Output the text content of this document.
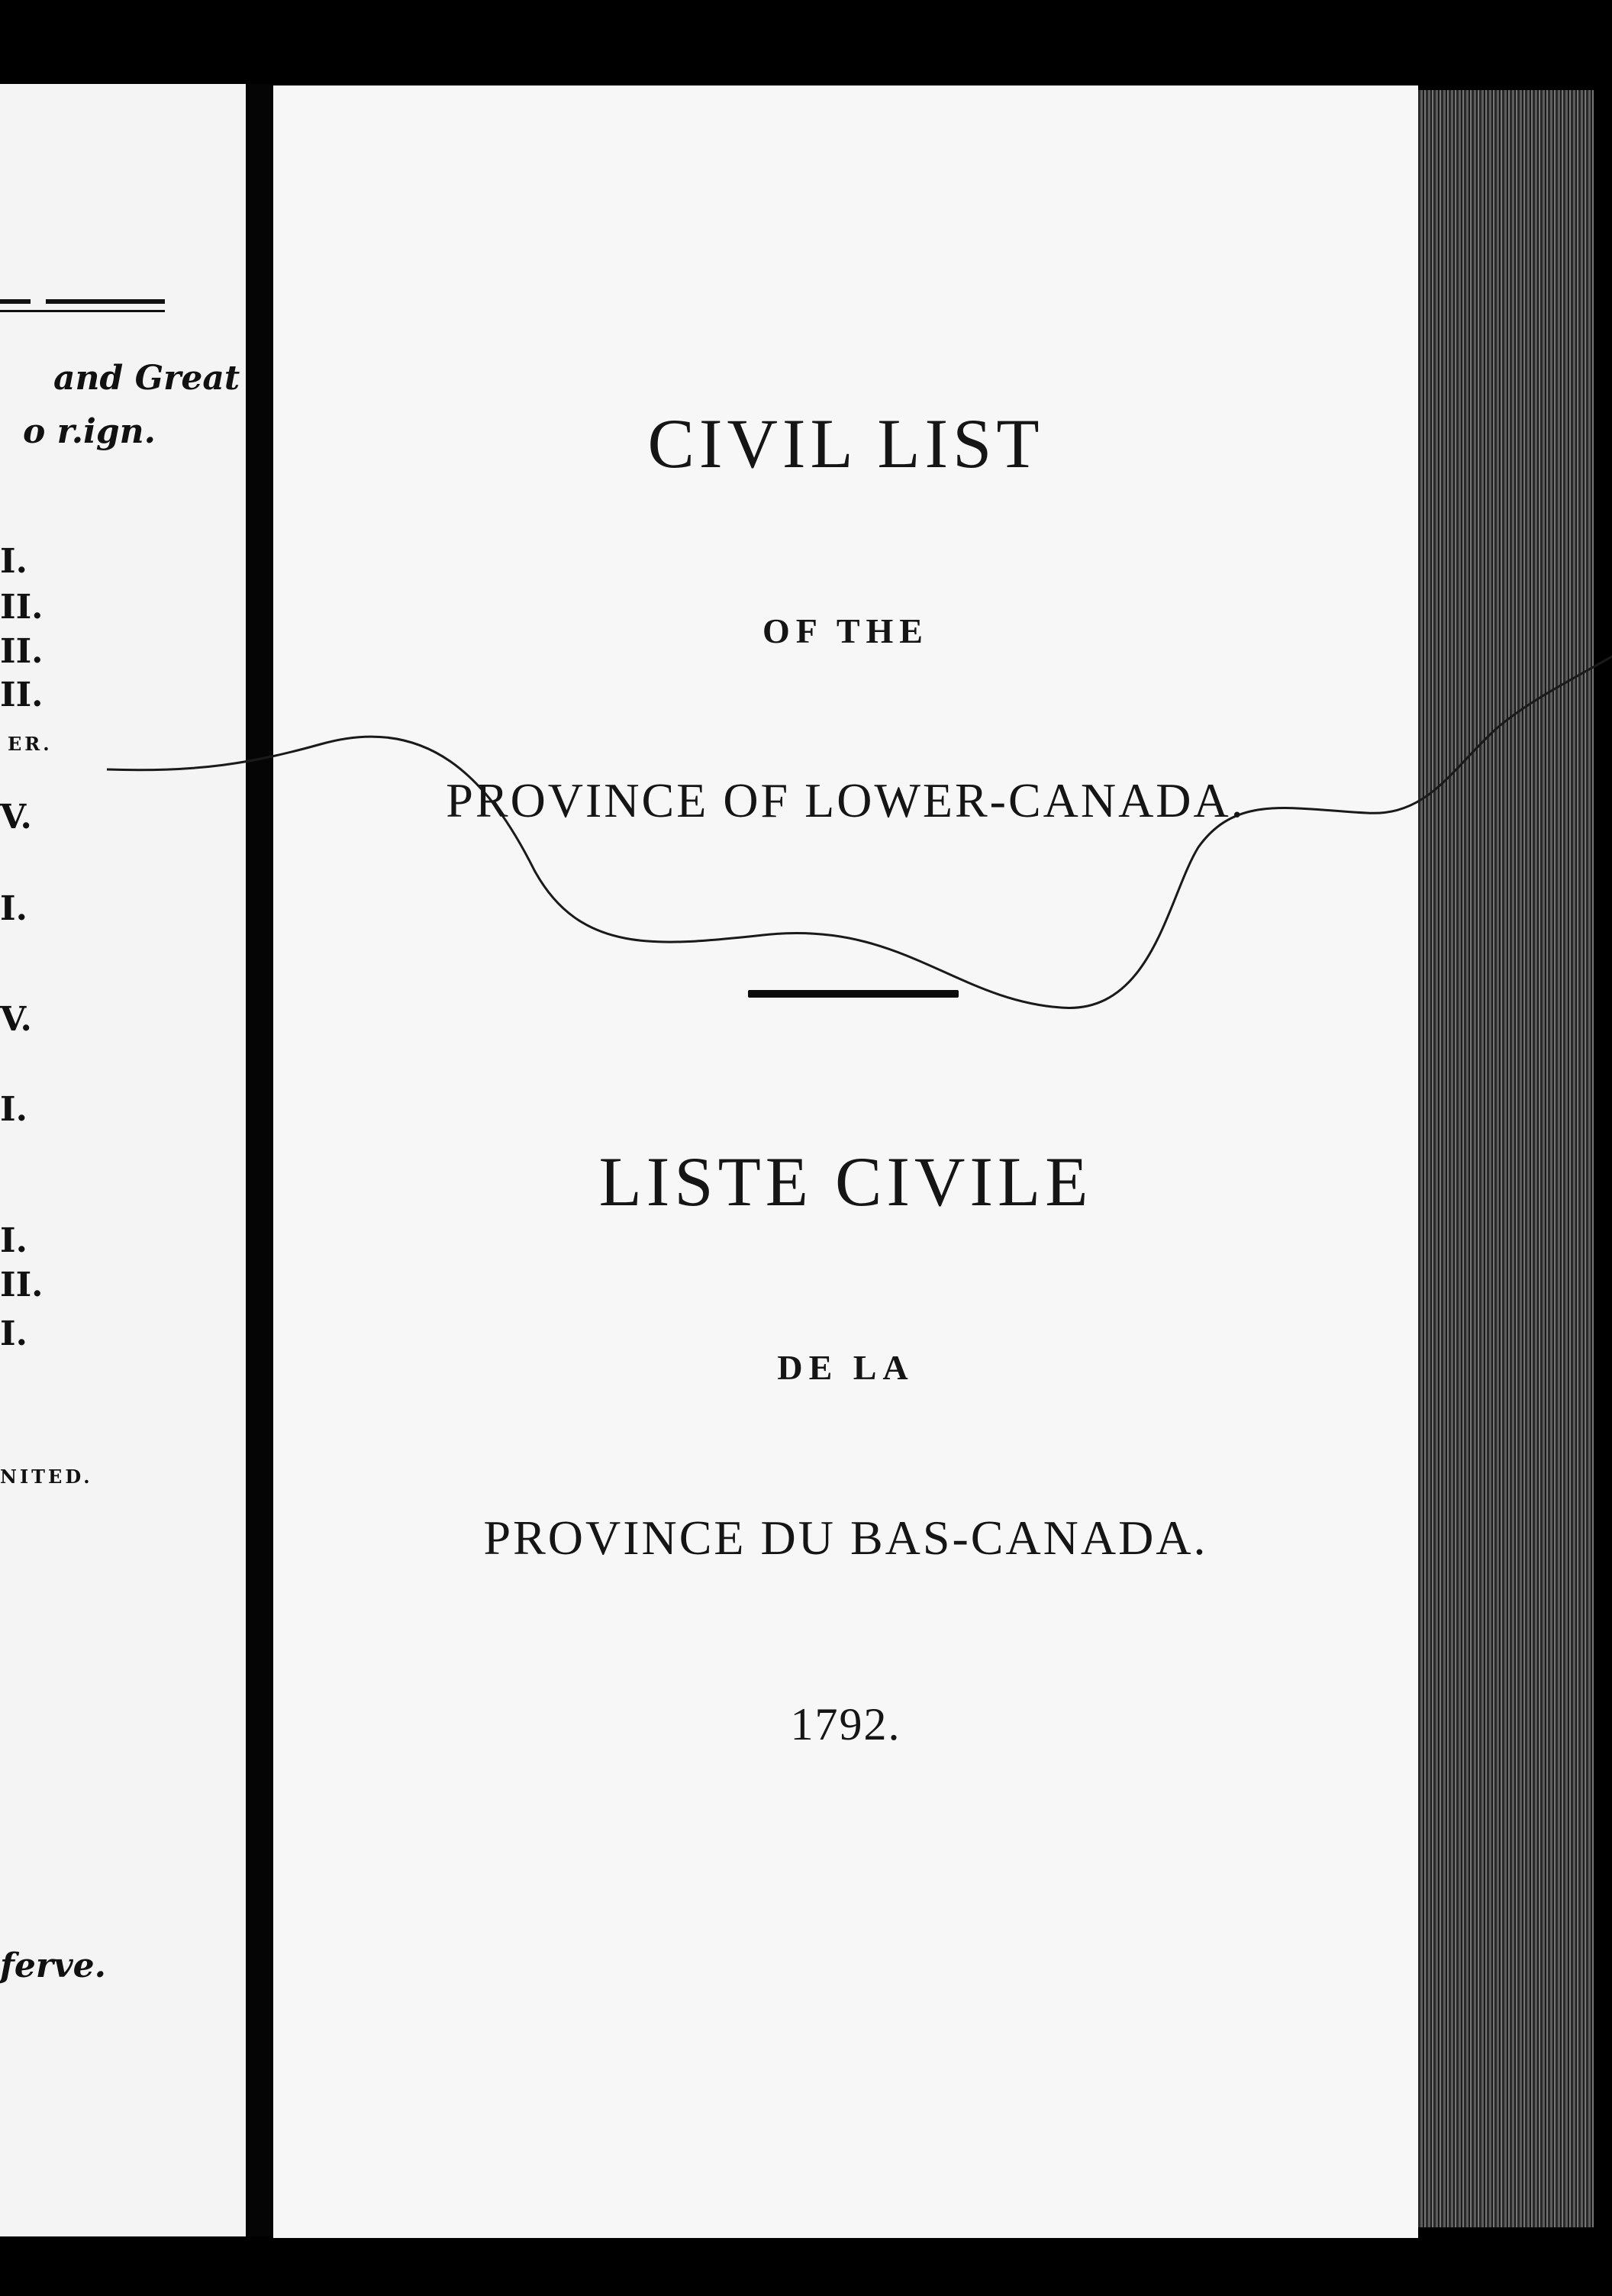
and Great
o r.ign.
I.
II.
II.
II.
ER.
V.
I.
V.
I.
I.
II.
I.
NITED.
ferve.
CIVIL LIST
OF THE
PROVINCE OF LOWER-CANADA.
LISTE CIVILE
DE LA
PROVINCE DU BAS-CANADA.
1792.
